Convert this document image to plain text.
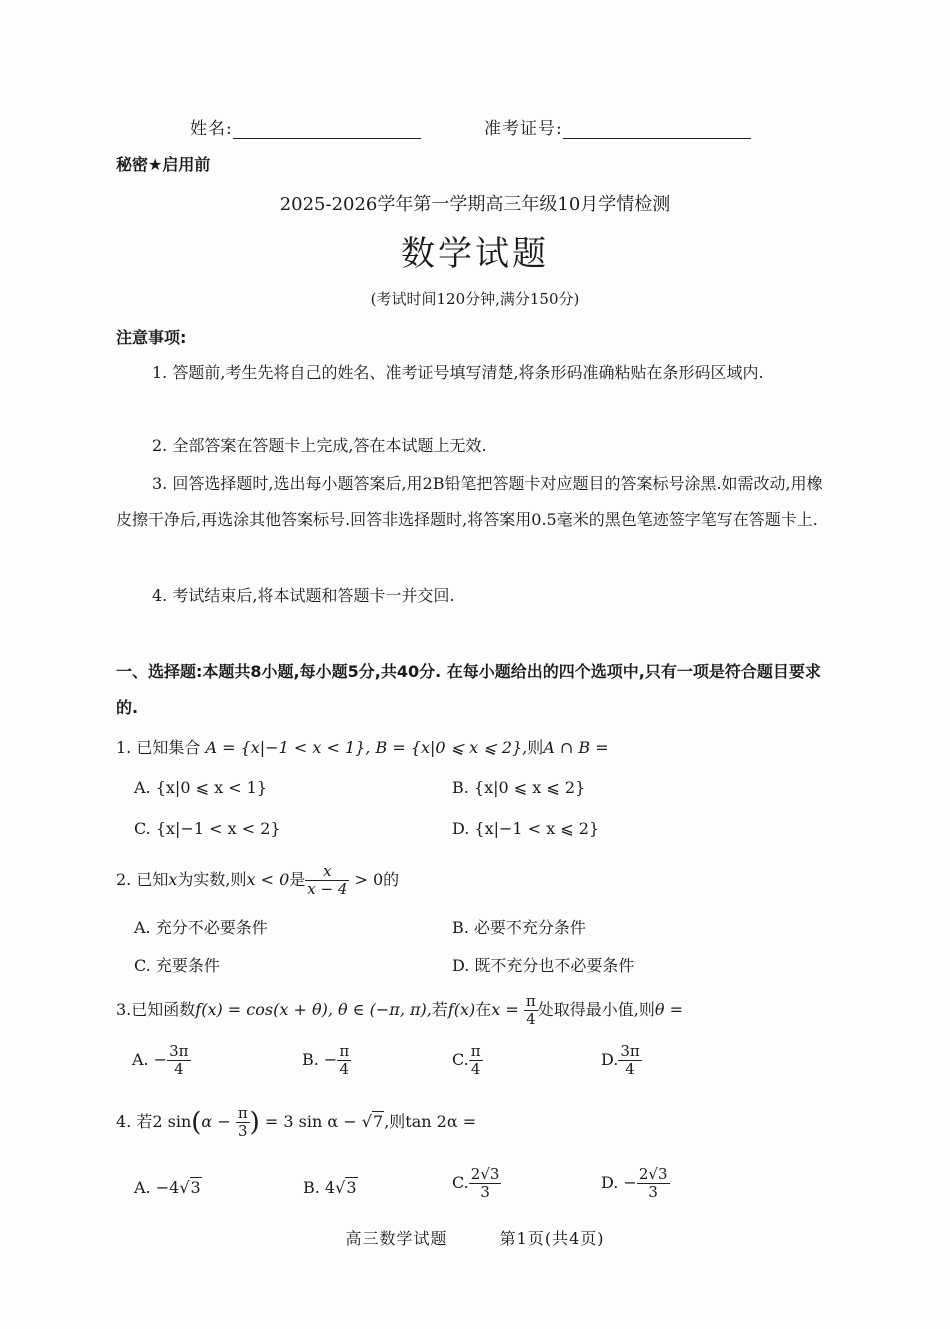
姓名:	准考证号:
秘密★启用前
2025-2026学年第一学期高三年级10月学情检测
数学试题
(考试时间120分钟,满分150分)
注意事项:
1. 答题前,考生先将自己的姓名、准考证号填写清楚,将条形码准确粘贴在条形码区域内.
2. 全部答案在答题卡上完成,答在本试题上无效.
3. 回答选择题时,选出每小题答案后,用2B铅笔把答题卡对应题目的答案标号涂黑.如需改动,用橡皮擦干净后,再选涂其他答案标号.回答非选择题时,将答案用0.5毫米的黑色笔迹签字笔写在答题卡上.
4. 考试结束后,将本试题和答题卡一并交回.
一、选择题:本题共8小题,每小题5分,共40分. 在每小题给出的四个选项中,只有一项是符合题目要求的.
1. 已知集合 A = {x|−1 < x < 1}, B = {x|0 ⩽ x ⩽ 2},则A ∩ B =
A. {x|0 ⩽ x < 1}	B. {x|0 ⩽ x ⩽ 2}
C. {x|−1 < x < 2}	D. {x|−1 < x ⩽ 2}
2. 已知x为实数,则x < 0是 $\frac{x}{x - 4} > 0$的
A. 充分不必要条件	B. 必要不充分条件
C. 充要条件	D. 既不充分也不必要条件
3.已知函数f(x) = cos(x + θ), θ ∈ (−π, π),若f(x)在$x = \frac{\pi}{4}$ 处取得最小值,则θ =
A. − $\frac{3\pi}{4}$	B. − $\frac{\pi}{4}$	C. $\frac{\pi}{4}$	D. $\frac{3\pi}{4}$
4. 若2 $\sin(\alpha - \frac{\pi}{3}$ ) = 3 sin α − √7,则tan 2α =
A. −4√3	B. 4√3	C. $\frac{2√3}{3}$	D. − $\frac{2√3}{3}$
高三数学试题	第1页(共4页)
